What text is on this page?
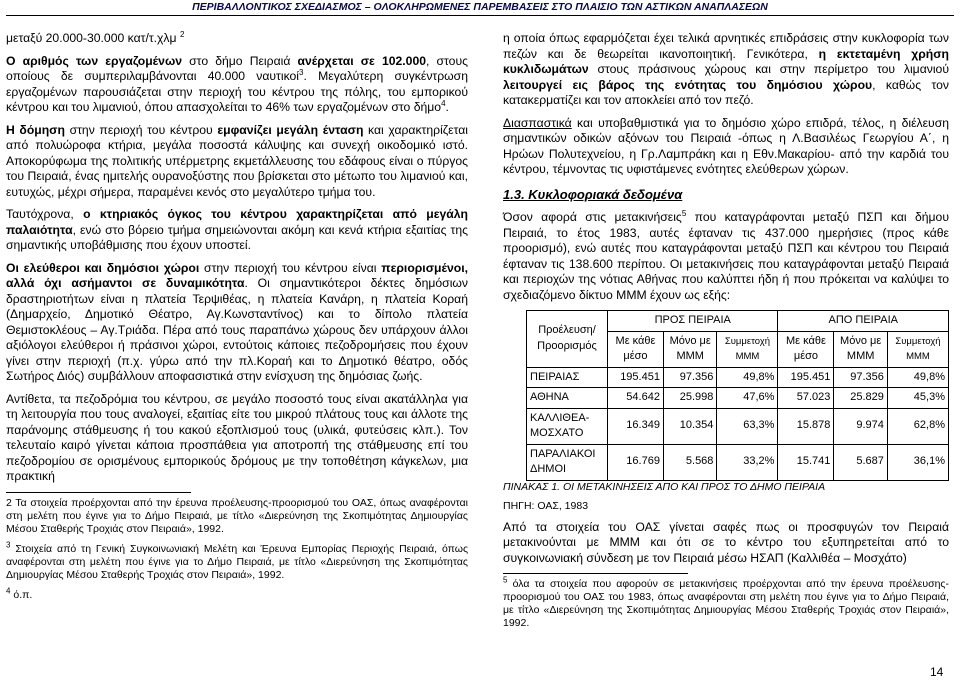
ΠΕΡΙΒΑΛΛΟΝΤΙΚΟΣ ΣΧΕΔΙΑΣΜΟΣ – ΟΛΟΚΛΗΡΩΜΕΝΕΣ ΠΑΡΕΜΒΑΣΕΙΣ ΣΤΟ ΠΛΑΙΣΙΟ ΤΩΝ ΑΣΤΙΚΩΝ ΑΝΑΠΛΑΣΕΩΝ

μεταξύ 20.000-30.000 κατ/τ.χλμ $^2$

Ο αριθμός των εργαζομένων στο δήμο Πειραιά ανέρχεται σε 102.000, στους οποίους δε συμπεριλαμβάνονται 40.000 ναυτικοί$^3$. Μεγαλύτερη συγκέντρωση εργαζομένων παρουσιάζεται στην περιοχή του κέντρου της πόλης, του εμπορικού κέντρου και του λιμανιού, όπου απασχολείται το 46% των εργαζομένων στο δήμο$^4$.

Η δόμηση στην περιοχή του κέντρου εμφανίζει μεγάλη ένταση και χαρακτηρίζεται από πολυώροφα κτήρια, μεγάλα ποσοστά κάλυψης και συνεχή οικοδομικό ιστό. Αποκορύφωμα της πολιτικής υπέρμετρης εκμετάλλευσης του εδάφους είναι ο πύργος του Πειραιά, ένας ημιτελής ουρανοξύστης που βρίσκεται στο μέτωπο του λιμανιού και, ευτυχώς, μέχρι σήμερα, παραμένει κενός στο μεγαλύτερο τμήμα του.

Ταυτόχρονα, ο κτηριακός όγκος του κέντρου χαρακτηρίζεται από μεγάλη παλαιότητα, ενώ στο βόρειο τμήμα σημειώνονται ακόμη και κενά κτήρια εξαιτίας της σημαντικής υποβάθμισης που έχουν υποστεί.

Οι ελεύθεροι και δημόσιοι χώροι στην περιοχή του κέντρου είναι περιορισμένοι, αλλά όχι ασήμαντοι σε δυναμικότητα. Οι σημαντικότεροι δέκτες δημόσιων δραστηριοτήτων είναι η πλατεία Τερψιθέας, η πλατεία Κανάρη, η πλατεία Κοραή (Δημαρχείο, Δημοτικό Θέατρο, Αγ.Κωνσταντίνος) και το δίπολο πλατεία Θεμιστοκλέους – Αγ.Τριάδα. Πέρα από τους παραπάνω χώρους δεν υπάρχουν άλλοι αξιόλογοι ελεύθεροι ή πράσινοι χώροι, εντούτοις κάποιες πεζοδρομήσεις που έχουν γίνει στην περιοχή (π.χ. γύρω από την πλ.Κοραή και το Δημοτικό θέατρο, οδός Σωτήρος Διός) συμβάλλουν αποφασιστικά στην ενίσχυση της δημόσιας ζωής.

Αντίθετα, τα πεζοδρόμια του κέντρου, σε μεγάλο ποσοστό τους είναι ακατάλληλα για τη λειτουργία που τους αναλογεί, εξαιτίας είτε του μικρού πλάτους τους και άλλοτε της παράνομης στάθμευσης ή του κακού εξοπλισμού τους (υλικά, φυτεύσεις κλπ.). Τον τελευταίο καιρό γίνεται κάποια προσπάθεια για αποτροπή της στάθμευσης επί του πεζοδρομίου σε ορισμένους εμπορικούς δρόμους με την τοποθέτηση κάγκελων, μια πρακτική

2 Τα στοιχεία προέρχονται από την έρευνα προέλευσης-προορισμού του ΟΑΣ, όπως αναφέρονται στη μελέτη που έγινε για το Δήμο Πειραιά, με τίτλο «Διερεύνηση της Σκοπιμότητας Δημιουργίας Μέσου Σταθερής Τροχιάς στον Πειραιά», 1992.

$^3$ Στοιχεία από τη Γενική Συγκοινωνιακή Μελέτη και Έρευνα Εμπορίας Περιοχής Πειραιά, όπως αναφέρονται στη μελέτη που έγινε για το Δήμο Πειραιά, με τίτλο «Διερεύνηση της Σκοπιμότητας Δημιουργίας Μέσου Σταθερής Τροχιάς στον Πειραιά», 1992.

$^4$ ό.π.

η οποία όπως εφαρμόζεται έχει τελικά αρνητικές επιδράσεις στην κυκλοφορία των πεζών και δε θεωρείται ικανοποιητική. Γενικότερα, η εκτεταμένη χρήση κυκλιδωμάτων στους πράσινους χώρους και στην περίμετρο του λιμανιού λειτουργεί εις βάρος της ενότητας του δημόσιου χώρου, καθώς τον κατακερματίζει και τον αποκλείει από τον πεζό.

Διασπαστικά και υποβαθμιστικά για το δημόσιο χώρο επιδρά, τέλος, η διέλευση σημαντικών οδικών αξόνων του Πειραιά -όπως η Λ.Βασιλέως Γεωργίου Α΄, η Ηρώων Πολυτεχνείου, η Γρ.Λαμπράκη και η Εθν.Μακαρίου- από την καρδιά του κέντρου, τέμνοντας τις υφιστάμενες ενότητες ελεύθερων χώρων.

1.3. Κυκλοφοριακά δεδομένα

Όσον αφορά στις μετακινήσεις$^5$ που καταγράφονται μεταξύ ΠΣΠ και δήμου Πειραιά, το έτος 1983, αυτές έφταναν τις 437.000 ημερήσιες (προς κάθε προορισμό), ενώ αυτές που καταγράφονται μεταξύ ΠΣΠ και κέντρου του Πειραιά έφταναν τις 138.600 περίπου. Οι μετακινήσεις που καταγράφονται μεταξύ Πειραιά και περιοχών της νότιας Αθήνας που καλύπτει ήδη ή που πρόκειται να καλύψει το σχεδιαζόμενο δίκτυο ΜΜΜ έχουν ως εξής:

Προέλευση/ Προορισμός	ΠΡΟΣ ΠΕΙΡΑΙΑ			ΑΠΟ ΠΕΙΡΑΙΑ		
	Με κάθε μέσο	Μόνο με ΜΜΜ	Συμμετοχή ΜΜΜ	Με κάθε μέσο	Μόνο με ΜΜΜ	Συμμετοχή ΜΜΜ
ΠΕΙΡΑΙΑΣ	195.451	97.356	49,8%	195.451	97.356	49,8%
ΑΘΗΝΑ	54.642	25.998	47,6%	57.023	25.829	45,3%
ΚΑΛΛΙΘΕΑ-ΜΟΣΧΑΤΟ	16.349	10.354	63,3%	15.878	9.974	62,8%
ΠΑΡΑΛΙΑΚΟΙ ΔΗΜΟΙ	16.769	5.568	33,2%	15.741	5.687	36,1%

ΠΙΝΑΚΑΣ 1. ΟΙ ΜΕΤΑΚΙΝΗΣΕΙΣ ΑΠΟ ΚΑΙ ΠΡΟΣ ΤΟ ΔΗΜΟ ΠΕΙΡΑΙΑ

ΠΗΓΗ: ΟΑΣ, 1983

Από τα στοιχεία του ΟΑΣ γίνεται σαφές πως οι προσφυγών τον Πειραιά μετακινούνται με ΜΜΜ και ότι σε το κέντρο του εξυπηρετείται από το συγκοινωνιακή σύνδεση με τον Πειραιά μέσω ΗΣΑΠ (Καλλιθέα – Μοσχάτο)

$^5$ όλα τα στοιχεία που αφορούν σε μετακινήσεις προέρχονται από την έρευνα προέλευσης-προορισμού του ΟΑΣ του 1983, όπως αναφέρονται στη μελέτη που έγινε για το Δήμο Πειραιά, με τίτλο «Διερεύνηση της Σκοπιμότητας Δημιουργίας Μέσου Σταθερής Τροχιάς στον Πειραιά», 1992.

14
